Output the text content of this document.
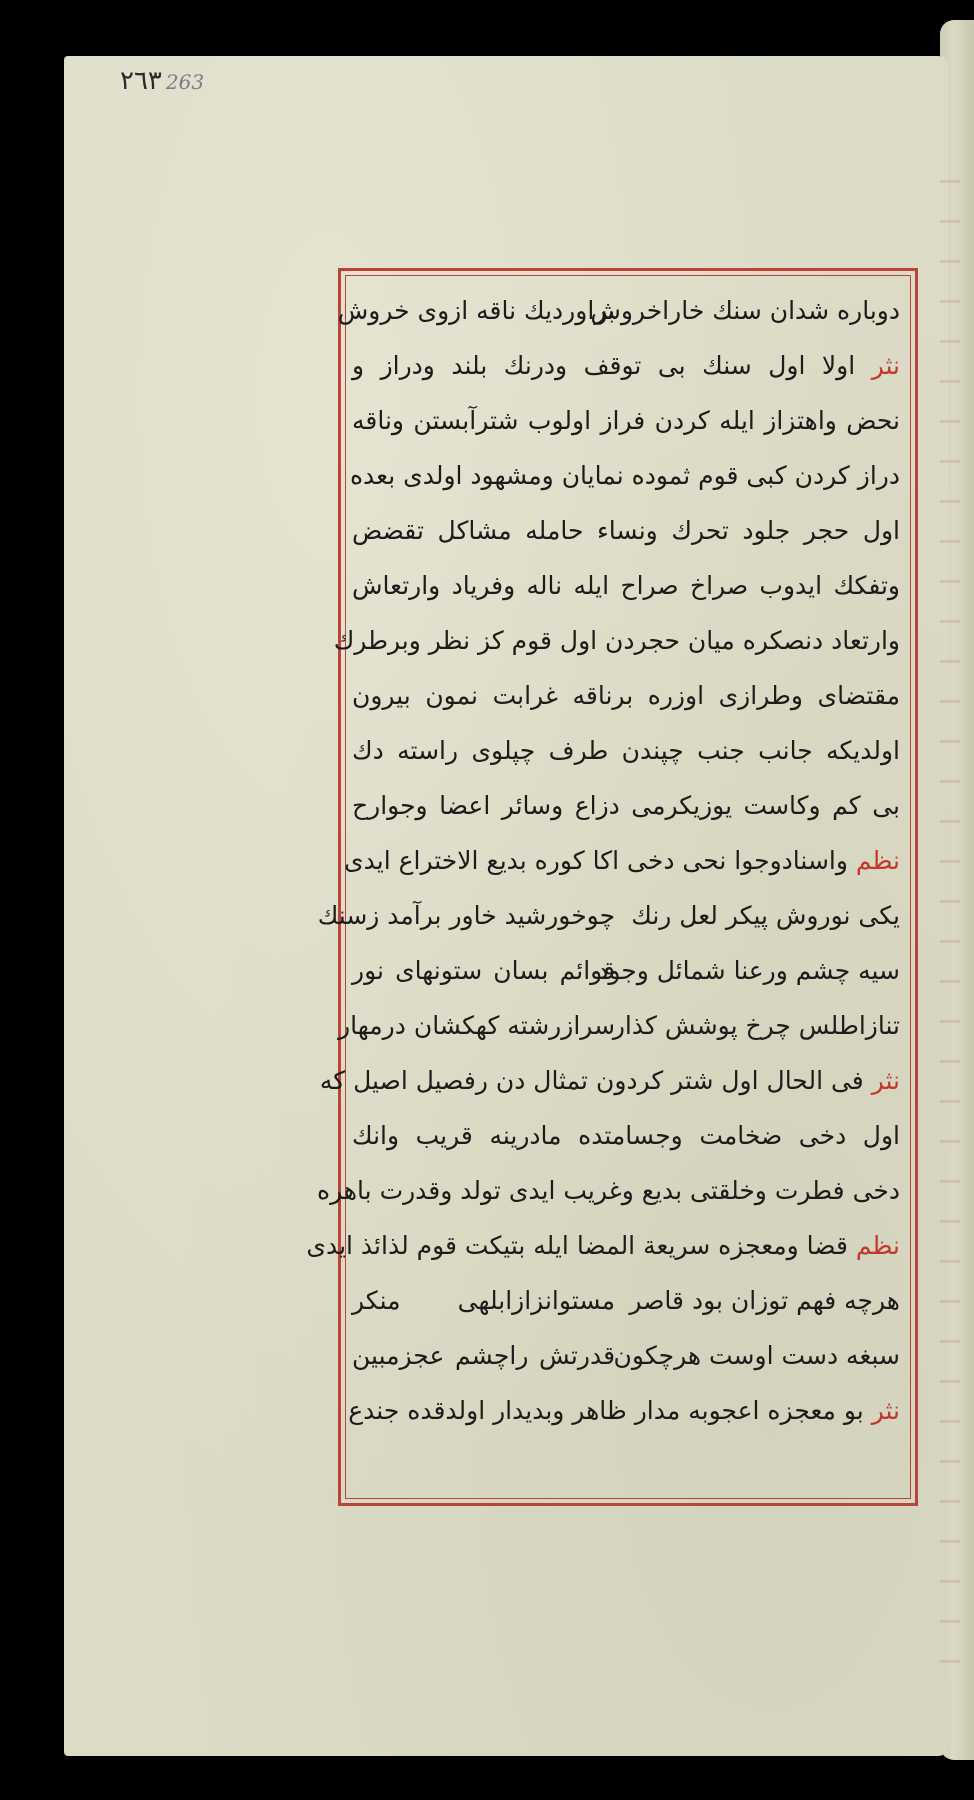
٢٦٣ 263
دوباره شدان سنك خاراخروش
براوردیك ناقه ازوی خروش
نثر اولا اول سنك بی توقف ودرنك بلند ودراز و
نحض واهتزاز ایله كردن فراز اولوب شترآبستن وناقه
دراز كردن كبی قوم ثموده نمایان ومشهود اولدی بعده
اول حجر جلود تحرك ونساء حامله مشاكل تقضض
وتفكك ایدوب صراخ صراح ایله ناله وفریاد وارتعاش
وارتعاد دنصكره میان حجردن اول قوم كز نظر وبرطرك
مقتضای وطرازی اوزره برناقه غرابت نمون بیرون
اولدیكه جانب جنب چپندن طرف چپلوی راسته دك
بی كم وكاست یوزیكرمی دزاع وسائر اعضا وجوارح
نظم واسنادوجوا نحی دخی اكا كوره بدیع الاختراع ایدی
یكی نوروش پیكر لعل رنك
چوخورشید خاور برآمد زسنك
سیه چشم ورعنا شمائل وجود
قوائم بسان ستونهای نور
تنازاطلس چرخ پوشش كذار
سرازرشته كهكشان درمهار
نثر فی الحال اول شتر كردون تمثال دن رفصیل اصیل كه
اول دخی ضخامت وجسامتده مادرینه قریب وانك
دخی فطرت وخلقتی بدیع وغریب ایدی تولد وقدرت باهره
نظم قضا ومعجزه سریعة المضا ایله بتیكت قوم لذائذ ایدی
هرچه فهم توزان بود قاصر
مستوانزازابلهی منكر
سبغه دست اوست هرچكون
قدرتش راچشم عجزمبین
نثر بو معجزه اعجوبه مدار ظاهر وبدیدار اولدقده جندع
